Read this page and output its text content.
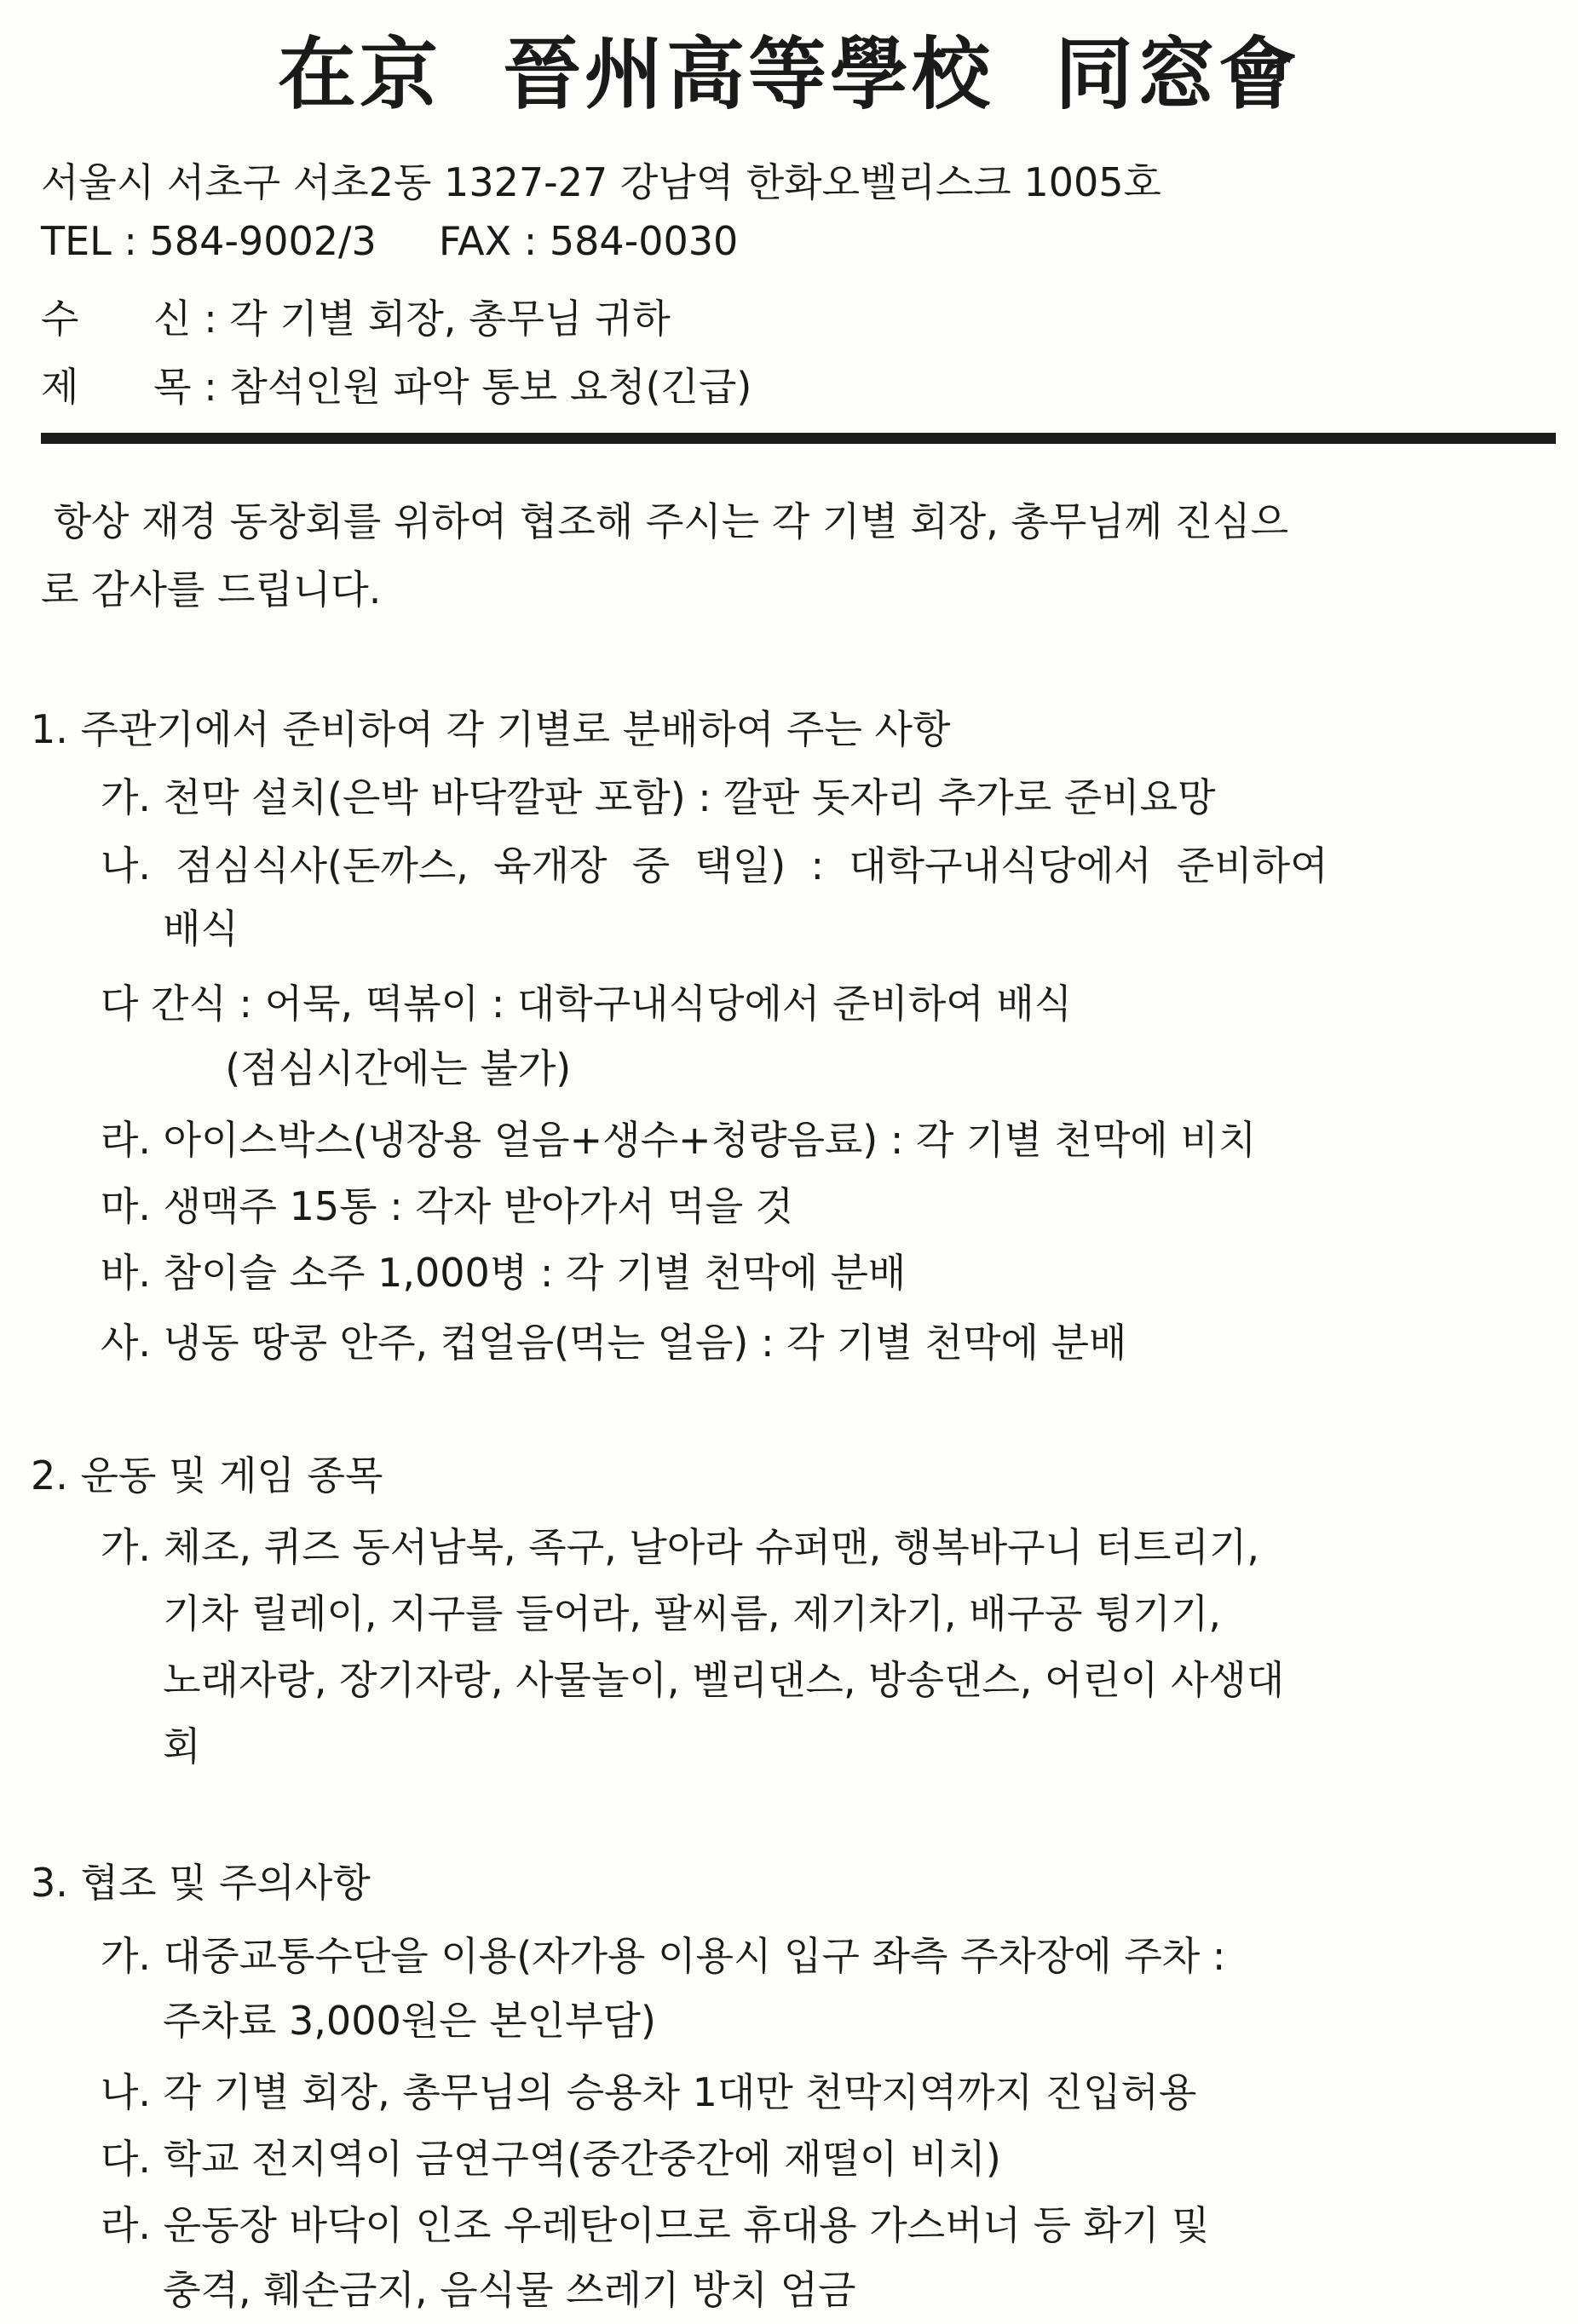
在京  晉州高等學校  同窓會
서울시 서초구 서초2동 1327-27 강남역 한화오벨리스크 1005호
TEL : 584-9002/3     FAX : 584-0030
수      신 : 각 기별 회장, 총무님 귀하
제      목 : 참석인원 파악 통보 요청(긴급)
항상 재경 동창회를 위하여 협조해 주시는 각 기별 회장, 총무님께 진심으
로 감사를 드립니다.
1. 주관기에서 준비하여 각 기별로 분배하여 주는 사항
가. 천막 설치(은박 바닥깔판 포함) : 깔판 돗자리 추가로 준비요망
나.  점심식사(돈까스,  육개장  중  택일)  :  대학구내식당에서  준비하여
배식
다 간식 : 어묵, 떡볶이 : 대학구내식당에서 준비하여 배식
(점심시간에는 불가)
라. 아이스박스(냉장용 얼음+생수+청량음료) : 각 기별 천막에 비치
마. 생맥주 15통 : 각자 받아가서 먹을 것
바. 참이슬 소주 1,000병 : 각 기별 천막에 분배
사. 냉동 땅콩 안주, 컵얼음(먹는 얼음) : 각 기별 천막에 분배
2. 운동 및 게임 종목
가. 체조, 퀴즈 동서남북, 족구, 날아라 슈퍼맨, 행복바구니 터트리기,
기차 릴레이, 지구를 들어라, 팔씨름, 제기차기, 배구공 튕기기,
노래자랑, 장기자랑, 사물놀이, 벨리댄스, 방송댄스, 어린이 사생대
회
3. 협조 및 주의사항
가. 대중교통수단을 이용(자가용 이용시 입구 좌측 주차장에 주차 :
주차료 3,000원은 본인부담)
나. 각 기별 회장, 총무님의 승용차 1대만 천막지역까지 진입허용
다. 학교 전지역이 금연구역(중간중간에 재떨이 비치)
라. 운동장 바닥이 인조 우레탄이므로 휴대용 가스버너 등 화기 및
충격, 훼손금지, 음식물 쓰레기 방치 엄금
